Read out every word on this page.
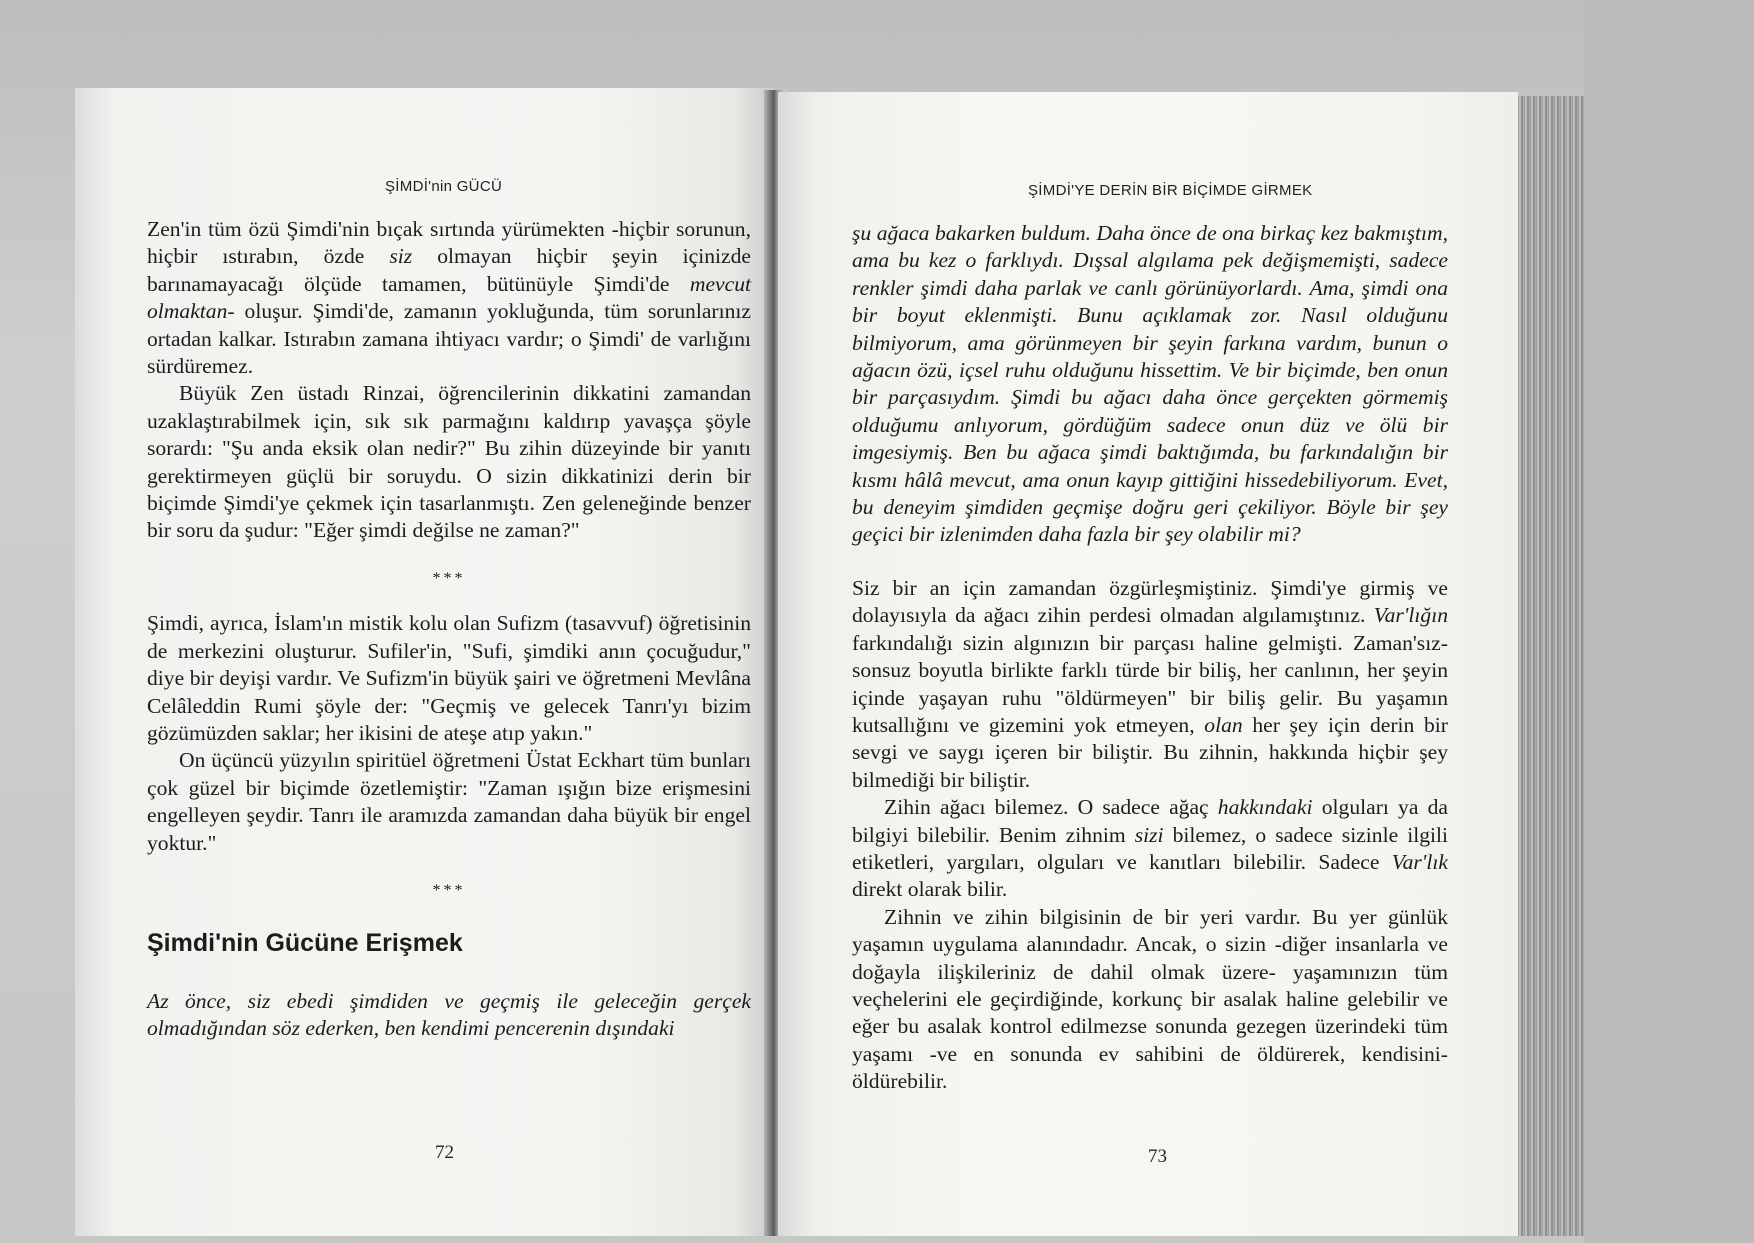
ŞİMDİ'nin GÜCÜ

Zen'in tüm özü Şimdi'nin bıçak sırtında yürümekten -hiçbir sorunun, hiçbir ıstırabın, özde siz olmayan hiçbir şeyin içinizde barınamayacağı ölçüde tamamen, bütünüyle Şimdi'de mevcut olmaktan- oluşur. Şimdi'de, zamanın yokluğunda, tüm sorunlarınız ortadan kalkar. Istırabın zamana ihtiyacı vardır; o Şimdi' de varlığını sürdüremez.

Büyük Zen üstadı Rinzai, öğrencilerinin dikkatini zamandan uzaklaştırabilmek için, sık sık parmağını kaldırıp yavaşça şöyle sorardı: "Şu anda eksik olan nedir?" Bu zihin düzeyinde bir yanıtı gerektirmeyen güçlü bir soruydu. O sizin dikkatinizi derin bir biçimde Şimdi'ye çekmek için tasarlanmıştı. Zen geleneğinde benzer bir soru da şudur: "Eğer şimdi değilse ne zaman?"

***

Şimdi, ayrıca, İslam'ın mistik kolu olan Sufizm (tasavvuf) öğretisinin de merkezini oluşturur. Sufiler'in, "Sufi, şimdiki anın çocuğudur," diye bir deyişi vardır. Ve Sufizm'in büyük şairi ve öğretmeni Mevlâna Celâleddin Rumi şöyle der: "Geçmiş ve gelecek Tanrı'yı bizim gözümüzden saklar; her ikisini de ateşe atıp yakın."

On üçüncü yüzyılın spiritüel öğretmeni Üstat Eckhart tüm bunları çok güzel bir biçimde özetlemiştir: "Zaman ışığın bize erişmesini engelleyen şeydir. Tanrı ile aramızda zamandan daha büyük bir engel yoktur."

***
Şimdi'nin Gücüne Erişmek

Az önce, siz ebedi şimdiden ve geçmiş ile geleceğin gerçek olmadığından söz ederken, ben kendimi pencerenin dışındaki

72
ŞİMDİ'YE DERİN BİR BİÇİMDE GİRMEK

şu ağaca bakarken buldum. Daha önce de ona birkaç kez bakmıştım, ama bu kez o farklıydı. Dışsal algılama pek değişmemişti, sadece renkler şimdi daha parlak ve canlı görünüyorlardı. Ama, şimdi ona bir boyut eklenmişti. Bunu açıklamak zor. Nasıl olduğunu bilmiyorum, ama görünmeyen bir şeyin farkına vardım, bunun o ağacın özü, içsel ruhu olduğunu hissettim. Ve bir biçimde, ben onun bir parçasıydım. Şimdi bu ağacı daha önce gerçekten görmemiş olduğumu anlıyorum, gördüğüm sadece onun düz ve ölü bir imgesiymiş. Ben bu ağaca şimdi baktığımda, bu farkındalığın bir kısmı hâlâ mevcut, ama onun kayıp gittiğini hissedebiliyorum. Evet, bu deneyim şimdiden geçmişe doğru geri çekiliyor. Böyle bir şey geçici bir izlenimden daha fazla bir şey olabilir mi?

Siz bir an için zamandan özgürleşmiştiniz. Şimdi'ye girmiş ve dolayısıyla da ağacı zihin perdesi olmadan algılamıştınız. Var'lığın farkındalığı sizin algınızın bir parçası haline gelmişti. Zaman'sız-sonsuz boyutla birlikte farklı türde bir biliş, her canlının, her şeyin içinde yaşayan ruhu "öldürmeyen" bir biliş gelir. Bu yaşamın kutsallığını ve gizemini yok etmeyen, olan her şey için derin bir sevgi ve saygı içeren bir biliştir. Bu zihnin, hakkında hiçbir şey bilmediği bir biliştir.

Zihin ağacı bilemez. O sadece ağaç hakkındaki olguları ya da bilgiyi bilebilir. Benim zihnim sizi bilemez, o sadece sizinle ilgili etiketleri, yargıları, olguları ve kanıtları bilebilir. Sadece Var'lık direkt olarak bilir.

Zihnin ve zihin bilgisinin de bir yeri vardır. Bu yer günlük yaşamın uygulama alanındadır. Ancak, o sizin -diğer insanlarla ve doğayla ilişkileriniz de dahil olmak üzere- yaşamınızın tüm veçhelerini ele geçirdiğinde, korkunç bir asalak haline gelebilir ve eğer bu asalak kontrol edilmezse sonunda gezegen üzerindeki tüm yaşamı -ve en sonunda ev sahibini de öldürerek, kendisini- öldürebilir.

73
